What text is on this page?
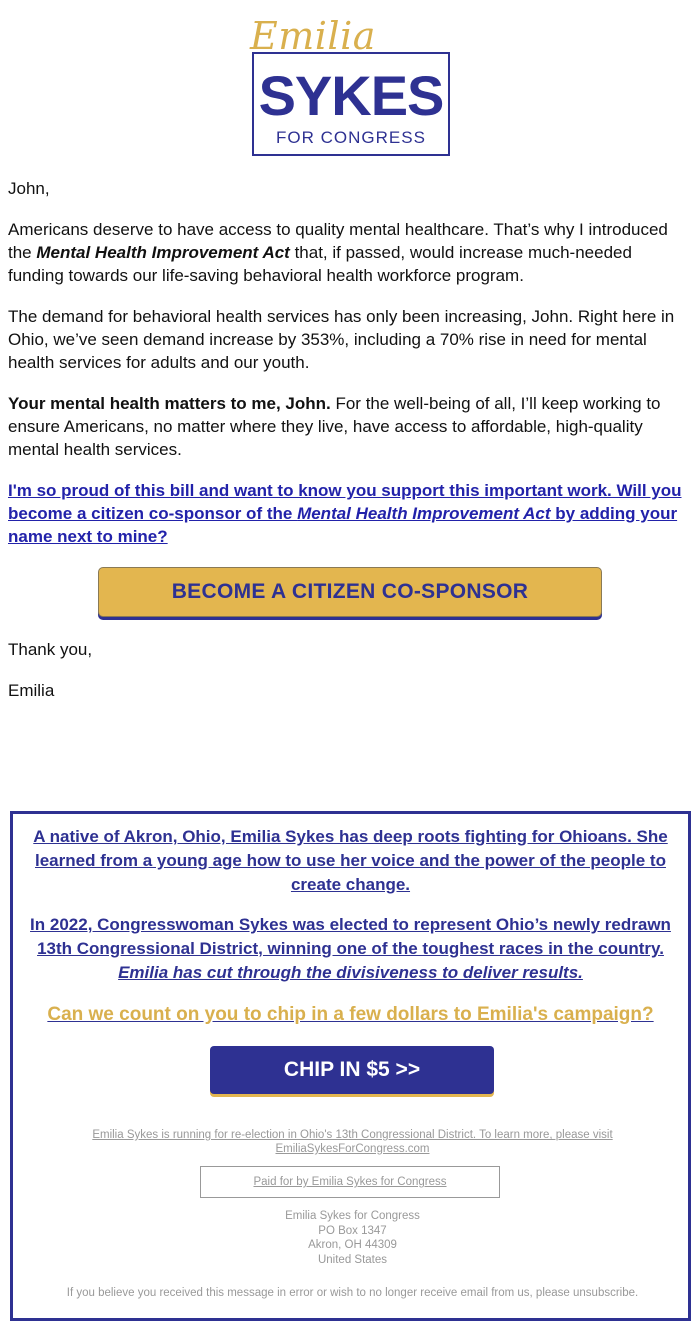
Emilia
SYKES
FOR CONGRESS
John,
Americans deserve to have access to quality mental healthcare. That’s why I introduced the Mental Health Improvement Act that, if passed, would increase much-needed funding towards our life-saving behavioral health workforce program.
The demand for behavioral health services has only been increasing, John. Right here in Ohio, we’ve seen demand increase by 353%, including a 70% rise in need for mental health services for adults and our youth.
Your mental health matters to me, John. For the well-being of all, I’ll keep working to ensure Americans, no matter where they live, have access to affordable, high-quality mental health services.
I'm so proud of this bill and want to know you support this important work. Will you become a citizen co-sponsor of the Mental Health Improvement Act by adding your name next to mine?
BECOME A CITIZEN CO-SPONSOR
Thank you,
Emilia
A native of Akron, Ohio, Emilia Sykes has deep roots fighting for Ohioans. She learned from a young age how to use her voice and the power of the people to create change.
In 2022, Congresswoman Sykes was elected to represent Ohio’s newly redrawn 13th Congressional District, winning one of the toughest races in the country. Emilia has cut through the divisiveness to deliver results.
Can we count on you to chip in a few dollars to Emilia's campaign?
CHIP IN $5 >>
Emilia Sykes is running for re-election in Ohio's 13th Congressional District. To learn more, please visit EmiliaSykesForCongress.com
Paid for by Emilia Sykes for Congress
Emilia Sykes for Congress
PO Box 1347
Akron, OH 44309
United States
If you believe you received this message in error or wish to no longer receive email from us, please unsubscribe.
